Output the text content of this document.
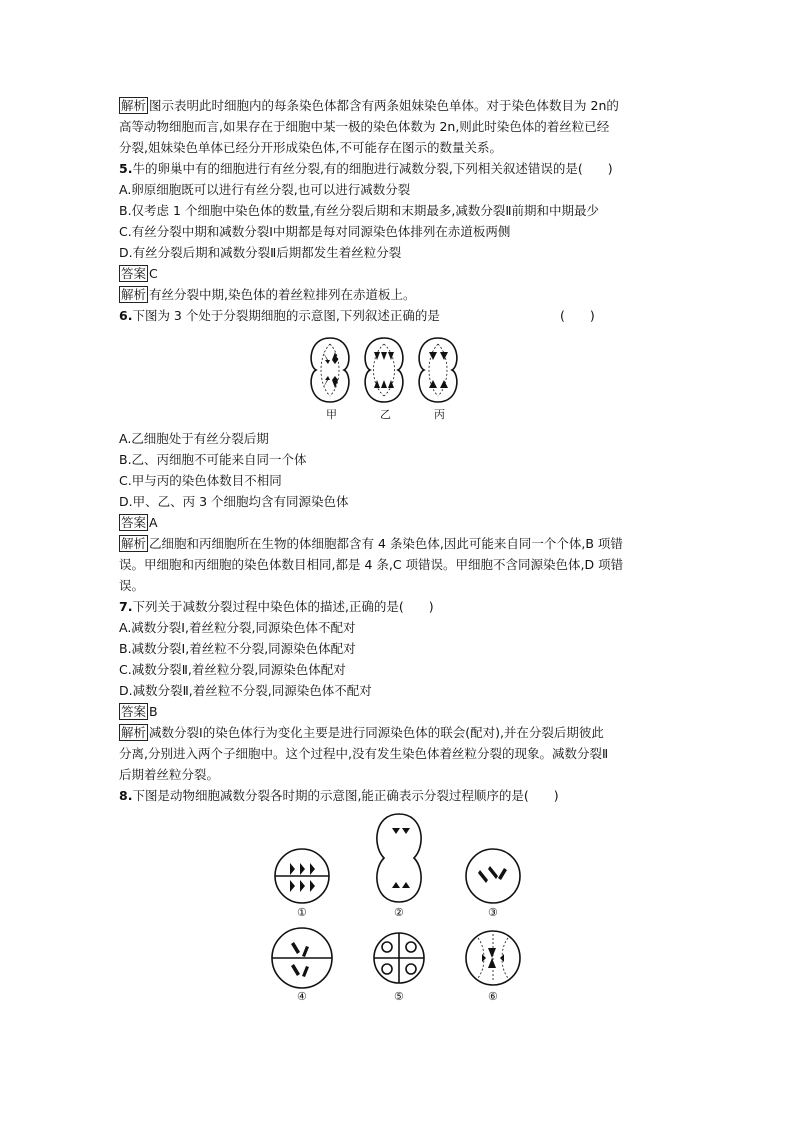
解析 图示表明此时细胞内的每条染色体都含有两条姐妹染色单体。对于染色体数目为 2n的
高等动物细胞而言,如果存在于细胞中某一极的染色体数为 2n,则此时染色体的着丝粒已经
分裂,姐妹染色单体已经分开形成染色体,不可能存在图示的数量关系。
5.牛的卵巢中有的细胞进行有丝分裂,有的细胞进行减数分裂,下列相关叙述错误的是(　　)
A.卵原细胞既可以进行有丝分裂,也可以进行减数分裂
B.仅考虑 1 个细胞中染色体的数量,有丝分裂后期和末期最多,减数分裂Ⅱ前期和中期最少
C.有丝分裂中期和减数分裂Ⅰ中期都是每对同源染色体排列在赤道板两侧
D.有丝分裂后期和减数分裂Ⅱ后期都发生着丝粒分裂
答案 C
解析 有丝分裂中期,染色体的着丝粒排列在赤道板上。
6.下图为 3 个处于分裂期细胞的示意图,下列叙述正确的是	(　　)
甲	乙	丙
A.乙细胞处于有丝分裂后期
B.乙、丙细胞不可能来自同一个体
C.甲与丙的染色体数目不相同
D.甲、乙、丙 3 个细胞均含有同源染色体
答案 A
解析 乙细胞和丙细胞所在生物的体细胞都含有 4 条染色体,因此可能来自同一个个体,B 项错
误。甲细胞和丙细胞的染色体数目相同,都是 4 条,C 项错误。甲细胞不含同源染色体,D 项错
误。
7.下列关于减数分裂过程中染色体的描述,正确的是(　　)
A.减数分裂Ⅰ,着丝粒分裂,同源染色体不配对
B.减数分裂Ⅰ,着丝粒不分裂,同源染色体配对
C.减数分裂Ⅱ,着丝粒分裂,同源染色体配对
D.减数分裂Ⅱ,着丝粒不分裂,同源染色体不配对
答案 B
解析 减数分裂Ⅰ的染色体行为变化主要是进行同源染色体的联会(配对),并在分裂后期彼此
分离,分别进入两个子细胞中。这个过程中,没有发生染色体着丝粒分裂的现象。减数分裂Ⅱ
后期着丝粒分裂。
8.下图是动物细胞减数分裂各时期的示意图,能正确表示分裂过程顺序的是(　　)
①	②	③
④	⑤	⑥
